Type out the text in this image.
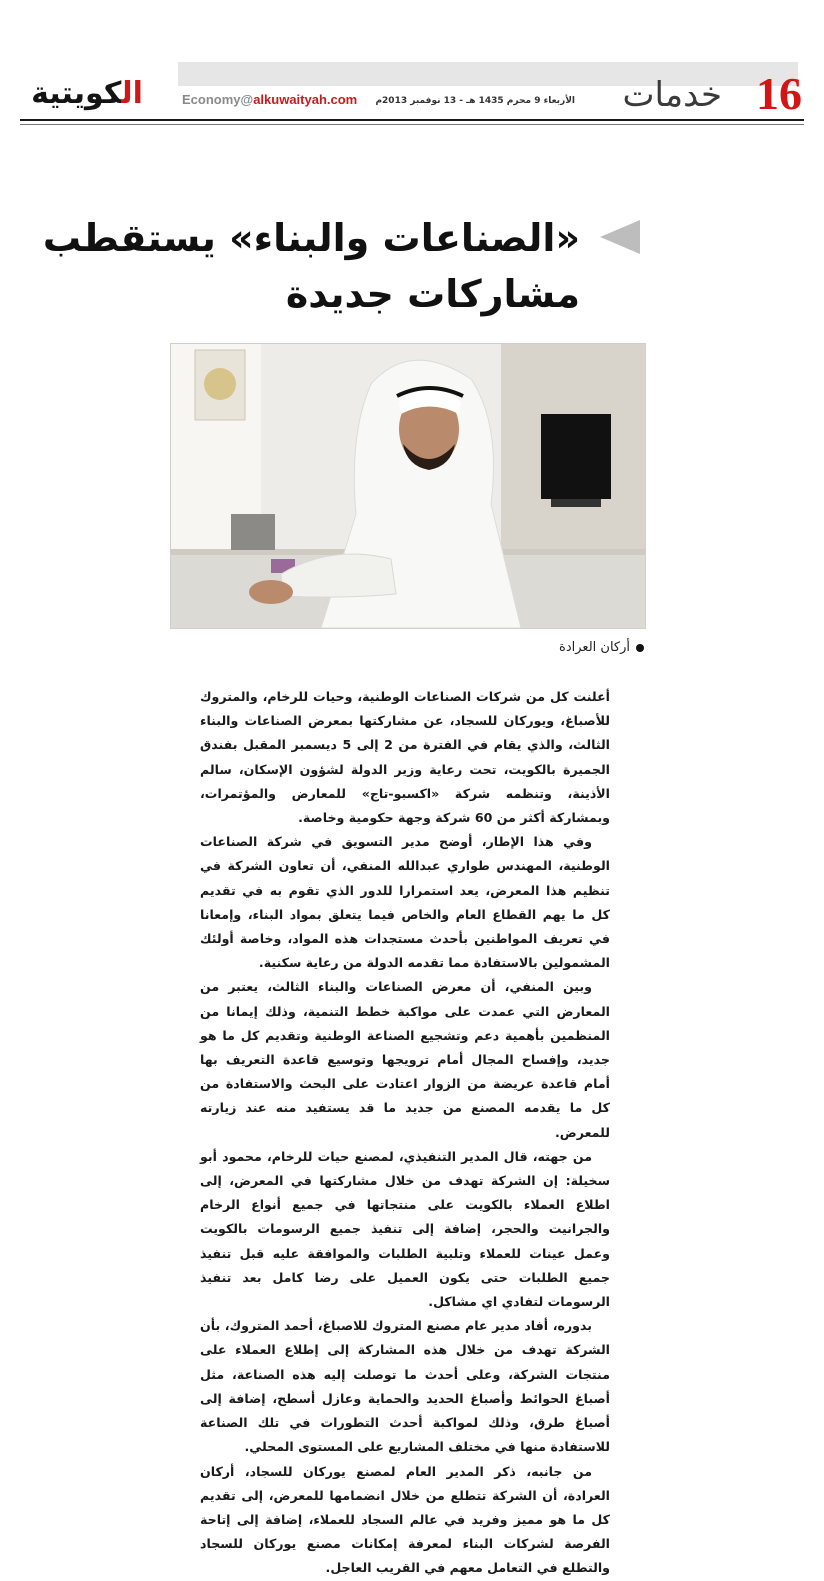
الكويتية	Economy@alkuwaityah.com الأربعاء 9 محرم 1435 هـ - 13 نوفمبر 2013م	خدمات 16
«الصناعات والبناء» يستقطب
مشاركات جديدة
أركان العرادة

أعلنت كل من شركات الصناعات الوطنية، وحيات للرخام، والمتروك للأصباغ، ويوركان للسجاد، عن مشاركتها بمعرض الصناعات والبناء الثالث، والذي يقام في الفترة من 2 إلى 5 ديسمبر المقبل بفندق الجميرة بالكويت، تحت رعاية وزير الدولة لشؤون الإسكان، سالم الأذينة، وتنظمه شركة «اكسبو-تاج» للمعارض والمؤتمرات، وبمشاركة أكثر من 60 شركة وجهة حكومية وخاصة.

وفي هذا الإطار، أوضح مدير التسويق في شركة الصناعات الوطنية، المهندس طواري عبدالله المنفي، أن تعاون الشركة في تنظيم هذا المعرض، يعد استمرارا للدور الذي تقوم به في تقديم كل ما يهم القطاع العام والخاص فيما يتعلق بمواد البناء، وإمعانا في تعريف المواطنين بأحدث مستجدات هذه المواد، وخاصة أولئك المشمولين بالاستفادة مما تقدمه الدولة من رعاية سكنية.

وبين المنفي، أن معرض الصناعات والبناء الثالث، يعتبر من المعارض التي عمدت على مواكبة خطط التنمية، وذلك إيمانا من المنظمين بأهمية دعم وتشجيع الصناعة الوطنية وتقديم كل ما هو جديد، وإفساح المجال أمام ترويجها وتوسيع قاعدة التعريف بها أمام قاعدة عريضة من الزوار اعتادت على البحث والاستفادة من كل ما يقدمه المصنع من جديد ما قد يستفيد منه عند زيارته للمعرض.

من جهته، قال المدير التنفيذي، لمصنع حيات للرخام، محمود أبو سخيلة: إن الشركة تهدف من خلال مشاركتها في المعرض، إلى اطلاع العملاء بالكويت على منتجاتها في جميع أنواع الرخام والجرانيت والحجر، إضافة إلى تنفيذ جميع الرسومات بالكويت وعمل عينات للعملاء وتلبية الطلبات والموافقة عليه قبل تنفيذ جميع الطلبات حتى يكون العميل على رضا كامل بعد تنفيذ الرسومات لتفادي اي مشاكل.

بدوره، أفاد مدير عام مصنع المتروك للاصباغ، أحمد المتروك، بأن الشركة تهدف من خلال هذه المشاركة إلى إطلاع العملاء على منتجات الشركة، وعلى أحدث ما توصلت إليه هذه الصناعة، مثل أصباغ الحوائط وأصباغ الحديد والحماية وعازل أسطح، إضافة إلى أصباغ طرق، وذلك لمواكبة أحدث التطورات في تلك الصناعة للاستفادة منها في مختلف المشاريع على المستوى المحلي.

من جانبه، ذكر المدير العام لمصنع يوركان للسجاد، أركان العرادة، أن الشركة تتطلع من خلال انضمامها للمعرض، إلى تقديم كل ما هو مميز وفريد في عالم السجاد للعملاء، إضافة إلى إتاحة الفرصة لشركات البناء لمعرفة إمكانات مصنع يوركان للسجاد والتطلع في التعامل معهم في القريب العاجل.
